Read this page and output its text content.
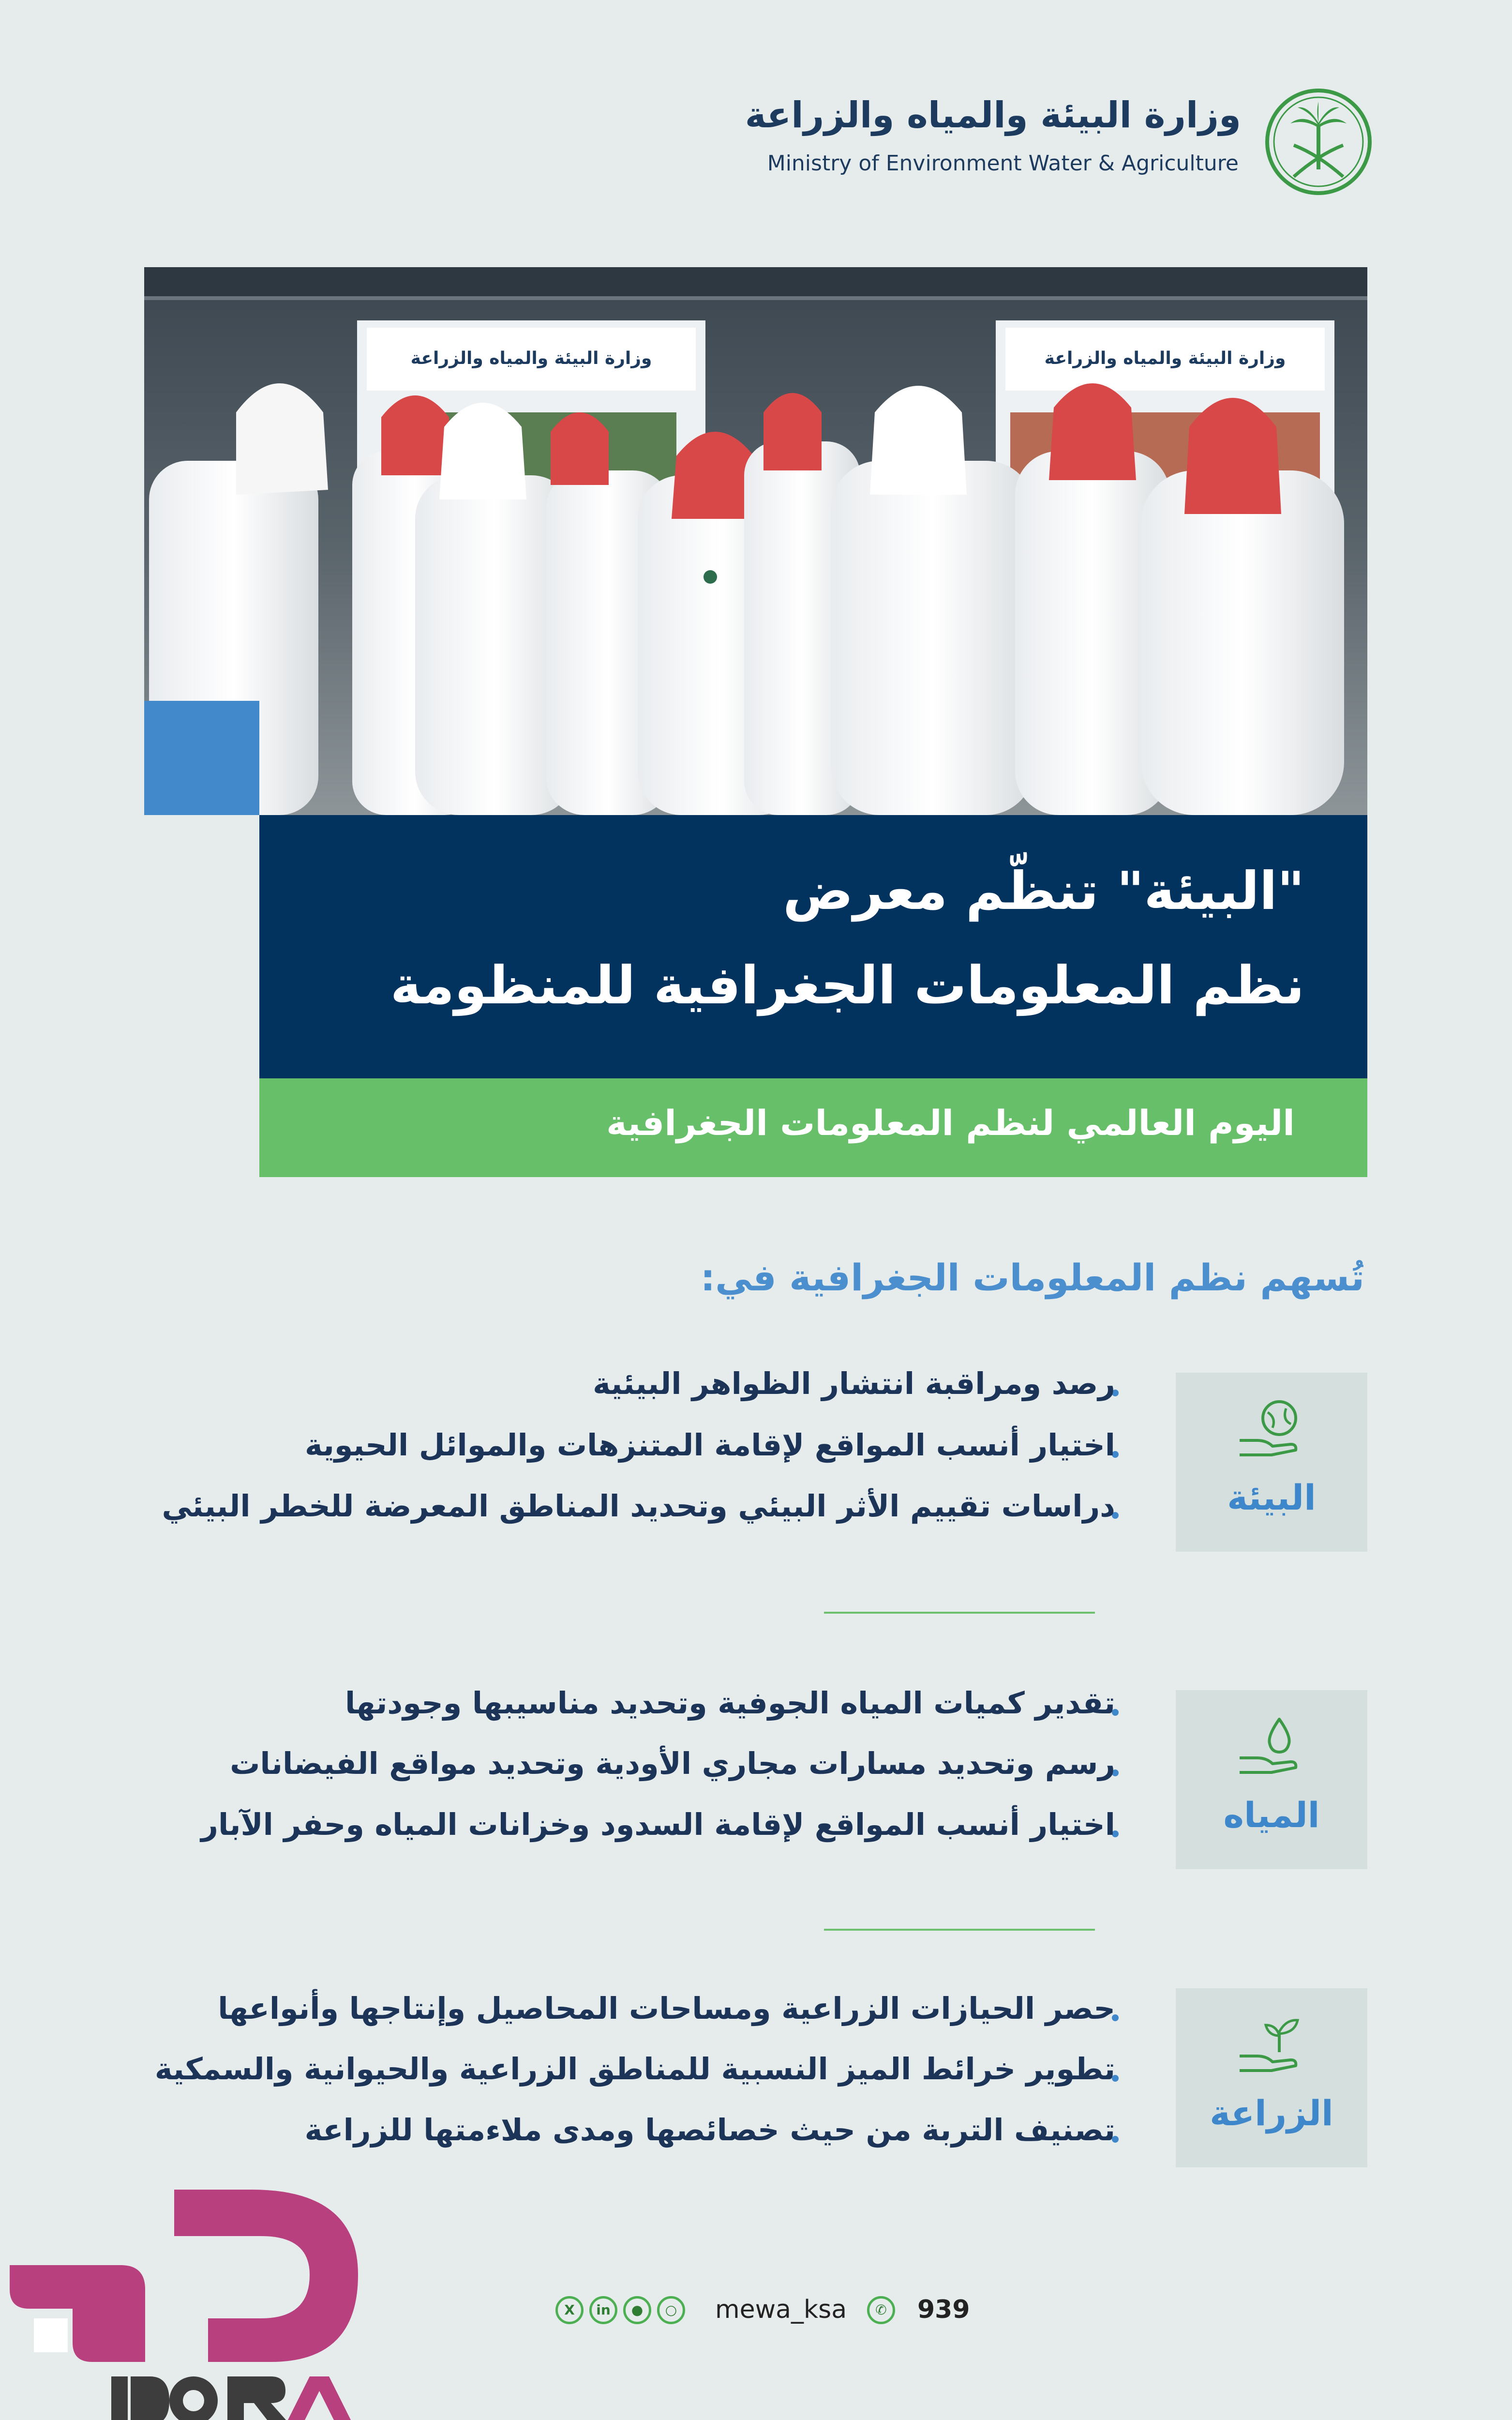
وزارة البيئة والمياه والزراعة
Ministry of Environment Water & Agriculture
وزارة البيئة والمياه والزراعة	وزارة البيئة والمياه والزراعة
"البيئة" تنظّم معرض
نظم المعلومات الجغرافية للمنظومة
اليوم العالمي لنظم المعلومات الجغرافية
تُسهم نظم المعلومات الجغرافية في:
البيئة
رصد ومراقبة انتشار الظواهر البيئية
اختيار أنسب المواقع لإقامة المتنزهات والموائل الحيوية
دراسات تقييم الأثر البيئي وتحديد المناطق المعرضة للخطر البيئي
المياه
تقدير كميات المياه الجوفية وتحديد مناسيبها وجودتها
رسم وتحديد مسارات مجاري الأودية وتحديد مواقع الفيضانات
اختيار أنسب المواقع لإقامة السدود وخزانات المياه وحفر الآبار
الزراعة
حصر الحيازات الزراعية ومساحات المحاصيل وإنتاجها وأنواعها
تطوير خرائط الميز النسبية للمناطق الزراعية والحيوانية والسمكية
تصنيف التربة من حيث خصائصها ومدى ملاءمتها للزراعة
X	in	●	○	mewa_ksa	✆	939
